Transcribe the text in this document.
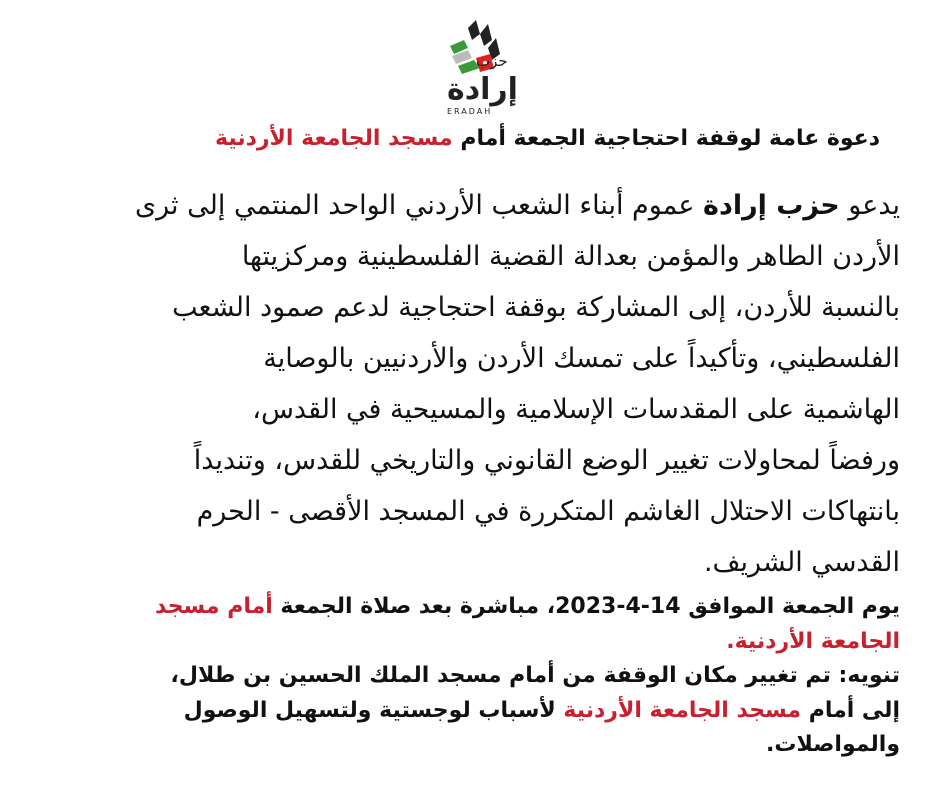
حزب
إرادة
ERADAH
دعوة عامة لوقفة احتجاجية الجمعة أمام مسجد الجامعة الأردنية
يدعو حزب إرادة عموم أبناء الشعب الأردني الواحد المنتمي إلى ثرى
الأردن الطاهر والمؤمن بعدالة القضية الفلسطينية ومركزيتها
بالنسبة للأردن، إلى المشاركة بوقفة احتجاجية لدعم صمود الشعب
الفلسطيني، وتأكيداً على تمسك الأردن والأردنيين بالوصاية
الهاشمية على المقدسات الإسلامية والمسيحية في القدس،
ورفضاً لمحاولات تغيير الوضع القانوني والتاريخي للقدس، وتنديداً
بانتهاكات الاحتلال الغاشم المتكررة في المسجد الأقصى - الحرم
القدسي الشريف.
يوم الجمعة الموافق 14-4-2023، مباشرة بعد صلاة الجمعة أمام مسجد
الجامعة الأردنية.
تنويه: تم تغيير مكان الوقفة من أمام مسجد الملك الحسين بن طلال،
إلى أمام مسجد الجامعة الأردنية لأسباب لوجستية ولتسهيل الوصول
والمواصلات.
